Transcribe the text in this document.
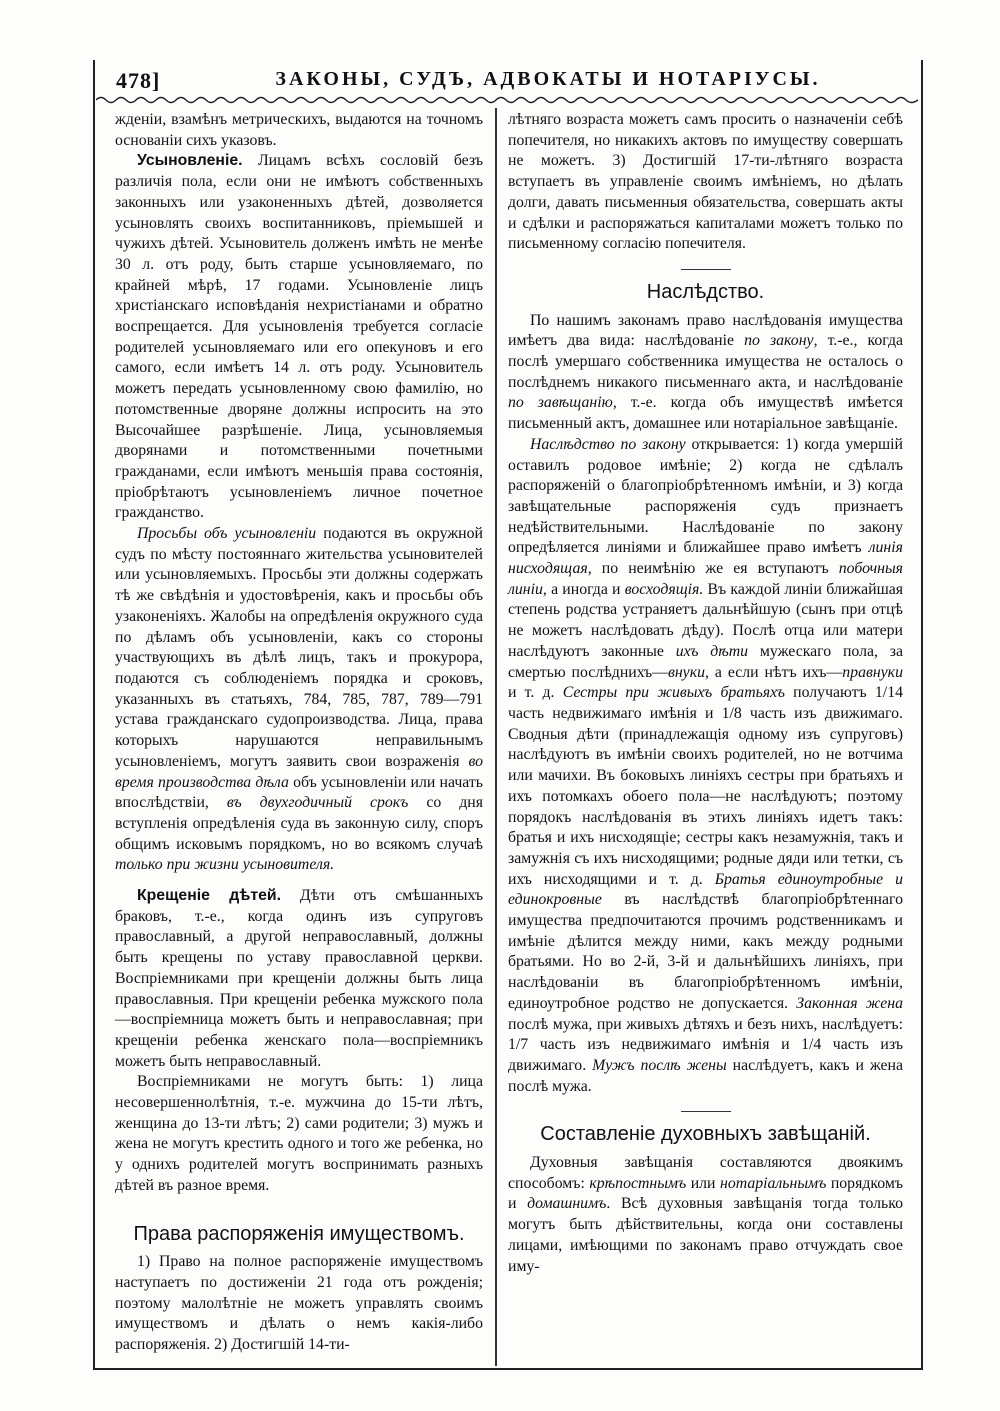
478]	ЗАКОНЫ, СУДЪ, АДВОКАТЫ И НОТАРІУСЫ.

жденіи, взамѣнъ метрическихъ, выдаются на точномъ основаніи сихъ указовъ.

Усыновленіе. Лицамъ всѣхъ сословій безъ различія пола, если они не имѣютъ собственныхъ законныхъ или узаконенныхъ дѣтей, дозволяется усыновлять своихъ воспитанниковъ, пріемышей и чужихъ дѣтей. Усыновитель долженъ имѣть не менѣе 30 л. отъ роду, быть старше усыновляемаго, по крайней мѣрѣ, 17 годами. Усыновленіе лицъ христіанскаго исповѣданія нехристіанами и обратно воспрещается. Для усыновленія требуется согласіе родителей усыновляемаго или его опекуновъ и его самого, если имѣетъ 14 л. отъ роду. Усыновитель можетъ передать усыновленному свою фамилію, но потомственные дворяне должны испросить на это Высочайшее разрѣшеніе. Лица, усыновляемыя дворянами и потомственными почетными гражданами, если имѣютъ меньшія права состоянія, пріобрѣтаютъ усыновленіемъ личное почетное гражданство.

Просьбы объ усыновленіи подаются въ окружной судъ по мѣсту постояннаго жительства усыновителей или усыновляемыхъ. Просьбы эти должны содержать тѣ же свѣдѣнія и удостовѣренія, какъ и просьбы объ узаконеніяхъ. Жалобы на опредѣленія окружного суда по дѣламъ объ усыновленіи, какъ со стороны участвующихъ въ дѣлѣ лицъ, такъ и прокурора, подаются съ соблюденіемъ порядка и сроковъ, указанныхъ въ статьяхъ, 784, 785, 787, 789—791 устава гражданскаго судопроизводства. Лица, права которыхъ нарушаются неправильнымъ усыновленіемъ, могутъ заявить свои возраженія во время производства дѣла объ усыновленіи или начать впослѣдствіи, въ двухгодичный срокъ со дня вступленія опредѣленія суда въ законную силу, споръ общимъ исковымъ порядкомъ, но во всякомъ случаѣ только при жизни усыновителя.

Крещеніе дѣтей. Дѣти отъ смѣшанныхъ браковъ, т.-е., когда одинъ изъ супруговъ православный, а другой неправославный, должны быть крещены по уставу православной церкви. Воспріемниками при крещеніи должны быть лица православныя. При крещеніи ребенка мужского пола—воспріемница можетъ быть и неправославная; при крещеніи ребенка женскаго пола—воспріемникъ можетъ быть неправославный.

Воспріемниками не могутъ быть: 1) лица несовершеннолѣтнія, т.-е. мужчина до 15-ти лѣтъ, женщина до 13-ти лѣтъ; 2) сами родители; 3) мужъ и жена не могутъ крестить одного и того же ребенка, но у однихъ родителей могутъ воспринимать разныхъ дѣтей въ разное время.

Права распоряженія имуществомъ.

1) Право на полное распоряженіе имуществомъ наступаетъ по достиженіи 21 года отъ рожденія; поэтому малолѣтніе не можетъ управлять своимъ имуществомъ и дѣлать о немъ какія-либо распоряженія. 2) Достигшій 14-ти-

лѣтняго возраста можетъ самъ просить о назначеніи себѣ попечителя, но никакихъ актовъ по имуществу совершать не можетъ. 3) Достигшій 17-ти-лѣтняго возраста вступаетъ въ управленіе своимъ имѣніемъ, но дѣлать долги, давать письменныя обязательства, совершать акты и сдѣлки и распоряжаться капиталами можетъ только по письменному согласію попечителя.

Наслѣдство.

По нашимъ законамъ право наслѣдованія имущества имѣетъ два вида: наслѣдованіе по закону, т.-е., когда послѣ умершаго собственника имущества не осталось о послѣднемъ никакого письменнаго акта, и наслѣдованіе по завѣщанію, т.-е. когда объ имуществѣ имѣется письменный актъ, домашнее или нотаріальное завѣщаніе.

Наслѣдство по закону открывается: 1) когда умершій оставилъ родовое имѣніе; 2) когда не сдѣлалъ распоряженій о благопріобрѣтенномъ имѣніи, и 3) когда завѣщательные распоряженія судъ признаетъ недѣйствительными. Наслѣдованіе по закону опредѣляется линіями и ближайшее право имѣетъ линія нисходящая, по неимѣнію же ея вступаютъ побочныя линіи, а иногда и восходящія. Въ каждой линіи ближайшая степень родства устраняетъ дальнѣйшую (сынъ при отцѣ не можетъ наслѣдовать дѣду). Послѣ отца или матери наслѣдуютъ законные ихъ дѣти мужескаго пола, за смертью послѣднихъ—внуки, а если нѣтъ ихъ—правнуки и т. д. Сестры при живыхъ братьяхъ получаютъ 1/14 часть недвижимаго имѣнія и 1/8 часть изъ движимаго. Сводныя дѣти (принадлежащія одному изъ супруговъ) наслѣдуютъ въ имѣніи своихъ родителей, но не вотчима или мачихи. Въ боковыхъ линіяхъ сестры при братьяхъ и ихъ потомкахъ обоего пола—не наслѣдуютъ; поэтому порядокъ наслѣдованія въ этихъ линіяхъ идетъ такъ: братья и ихъ нисходящіе; сестры какъ незамужнія, такъ и замужнія съ ихъ нисходящими; родные дяди или тетки, съ ихъ нисходящими и т. д. Братья единоутробные и единокровные въ наслѣдствѣ благопріобрѣтеннаго имущества предпочитаются прочимъ родственникамъ и имѣніе дѣлится между ними, какъ между родными братьями. Но во 2-й, 3-й и дальнѣйшихъ линіяхъ, при наслѣдованіи въ благопріобрѣтенномъ имѣніи, единоутробное родство не допускается. Законная жена послѣ мужа, при живыхъ дѣтяхъ и безъ нихъ, наслѣдуетъ: 1/7 часть изъ недвижимаго имѣнія и 1/4 часть изъ движимаго. Мужъ послѣ жены наслѣдуетъ, какъ и жена послѣ мужа.

Составленіе духовныхъ завѣщаній.

Духовныя завѣщанія составляются двоякимъ способомъ: крѣпостнымъ или нотаріальнымъ порядкомъ и домашнимъ. Всѣ духовныя завѣщанія тогда только могутъ быть дѣйствительны, когда они составлены лицами, имѣющими по законамъ право отчуждать свое иму-
